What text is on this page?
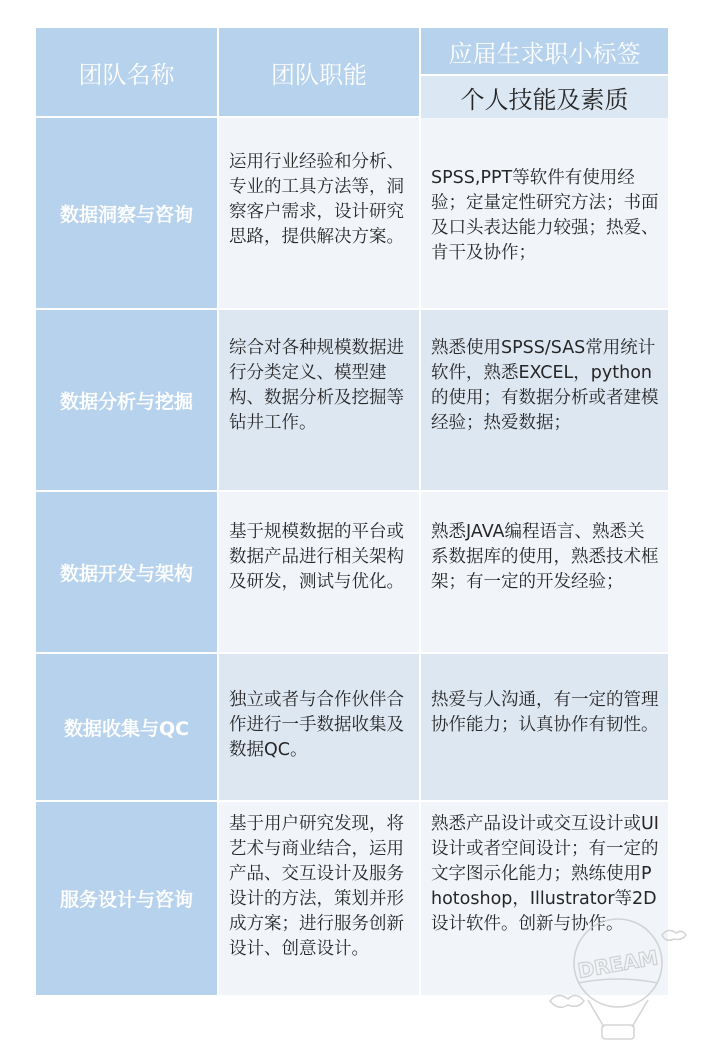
团队名称	团队职能
应届生求职小标签
个人技能及素质
数据洞察与咨询
运用行业经验和分析、专业的工具方法等，洞察客户需求，设计研究思路，提供解决方案。
SPSS,PPT等软件有使用经验；定量定性研究方法；书面及口头表达能力较强；热爱、肯干及协作；
数据分析与挖掘
综合对各种规模数据进行分类定义、模型建构、数据分析及挖掘等钻井工作。
熟悉使用SPSS/SAS常用统计软件，熟悉EXCEL，python的使用；有数据分析或者建模经验；热爱数据；
数据开发与架构
基于规模数据的平台或数据产品进行相关架构及研发，测试与优化。
熟悉JAVA编程语言、熟悉关系数据库的使用，熟悉技术框架；有一定的开发经验；
数据收集与QC
独立或者与合作伙伴合作进行一手数据收集及数据QC。
热爱与人沟通，有一定的管理协作能力；认真协作有韧性。
服务设计与咨询
基于用户研究发现，将艺术与商业结合，运用产品、交互设计及服务设计的方法，策划并形成方案；进行服务创新设计、创意设计。
熟悉产品设计或交互设计或UI设计或者空间设计；有一定的文字图示化能力；熟练使用Photoshop，Illustrator等2D设计软件。创新与协作。
DREAM
